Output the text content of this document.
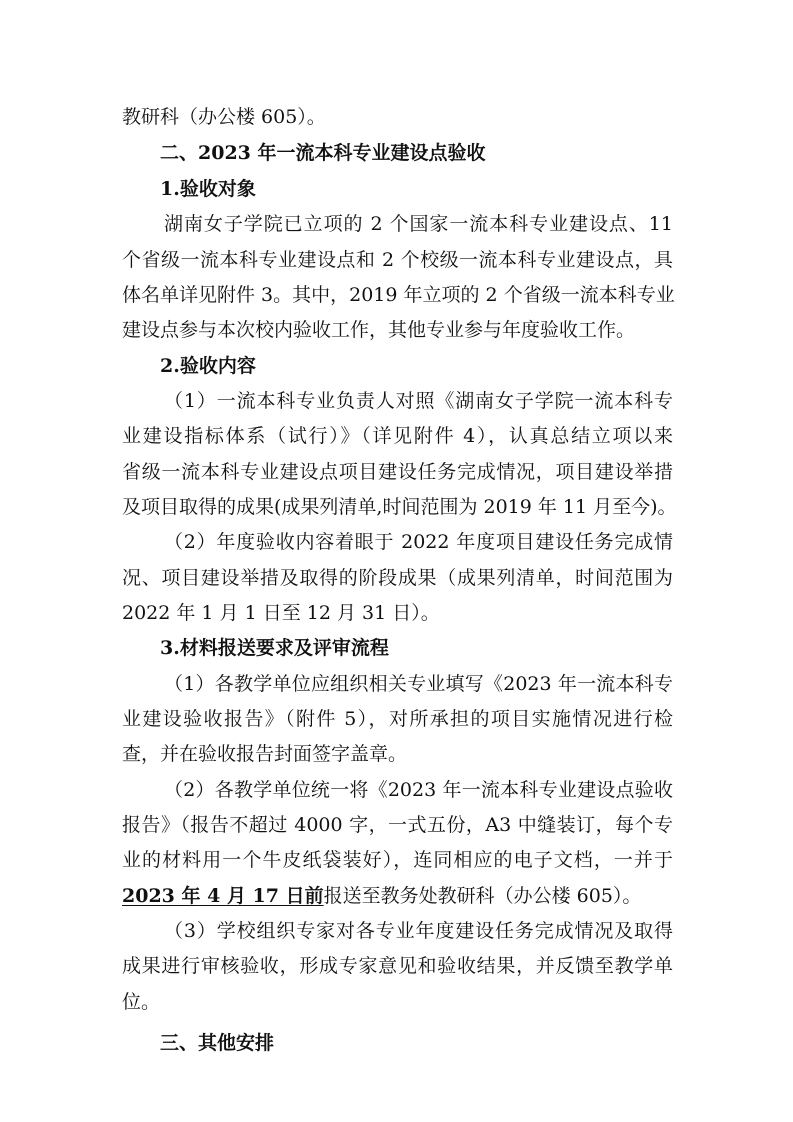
教研科（办公楼 605）。
二、2023 年一流本科专业建设点验收
1.验收对象
湖南女子学院已立项的 2 个国家一流本科专业建设点、11
个省级一流本科专业建设点和 2 个校级一流本科专业建设点，具
体名单详见附件 3。其中，2019 年立项的 2 个省级一流本科专业
建设点参与本次校内验收工作，其他专业参与年度验收工作。
2.验收内容
（1）一流本科专业负责人对照《湖南女子学院一流本科专
业建设指标体系（试行）》（详见附件 4），认真总结立项以来
省级一流本科专业建设点项目建设任务完成情况，项目建设举措
及项目取得的成果(成果列清单,时间范围为 2019 年 11 月至今)。
（2）年度验收内容着眼于 2022 年度项目建设任务完成情
况、项目建设举措及取得的阶段成果（成果列清单，时间范围为
2022 年 1 月 1 日至 12 月 31 日）。
3.材料报送要求及评审流程
（1）各教学单位应组织相关专业填写《2023 年一流本科专
业建设验收报告》（附件 5），对所承担的项目实施情况进行检
查，并在验收报告封面签字盖章。
（2）各教学单位统一将《2023 年一流本科专业建设点验收
报告》（报告不超过 4000 字，一式五份，A3 中缝装订，每个专
业的材料用一个牛皮纸袋装好），连同相应的电子文档，一并于
2023 年 4 月 17 日前报送至教务处教研科（办公楼 605）。
（3）学校组织专家对各专业年度建设任务完成情况及取得
成果进行审核验收，形成专家意见和验收结果，并反馈至教学单
位。
三、其他安排
